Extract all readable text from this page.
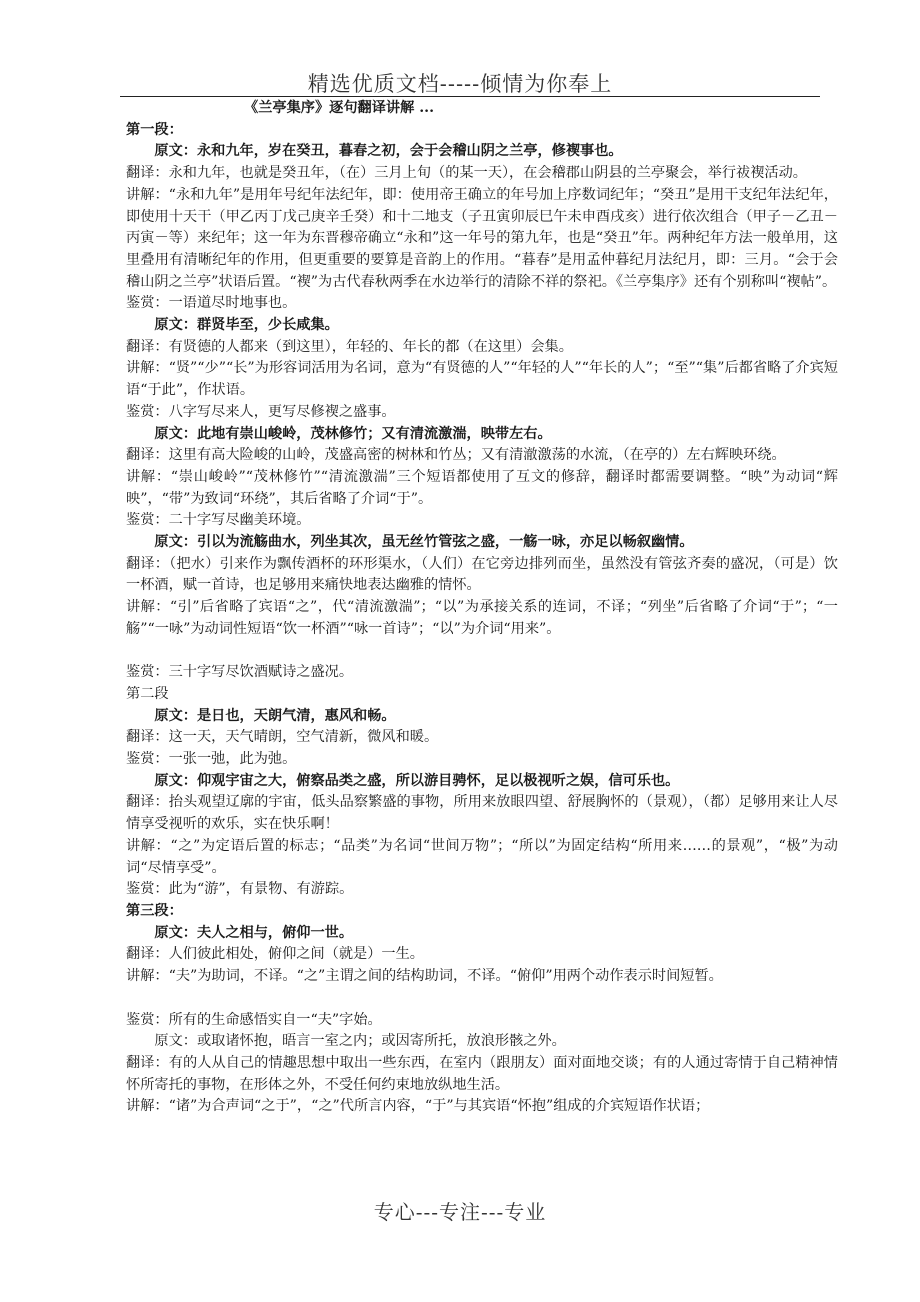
精选优质文档-----倾情为你奉上

《兰亭集序》逐句翻译讲解 ...

第一段：

原文：永和九年，岁在癸丑，暮春之初，会于会稽山阴之兰亭，修褉事也。

翻译：永和九年，也就是癸丑年，（在）三月上旬（的某一天），在会稽郡山阴县的兰亭聚会，举行祓褉活动。

讲解：“永和九年”是用年号纪年法纪年，即：使用帝王确立的年号加上序数词纪年；“癸丑”是用干支纪年法纪年，即使用十天干（甲乙丙丁戊己庚辛壬癸）和十二地支（子丑寅卯辰巳午未申酉戌亥）进行依次组合（甲子－乙丑－丙寅－等）来纪年；这一年为东晋穆帝确立“永和”这一年号的第九年，也是“癸丑”年。两种纪年方法一般单用，这里叠用有清晰纪年的作用，但更重要的要算是音韵上的作用。“暮春”是用孟仲暮纪月法纪月，即：三月。“会于会稽山阴之兰亭”状语后置。“褉”为古代春秋两季在水边举行的清除不祥的祭祀。《兰亭集序》还有个别称叫“褉帖”。

鉴赏：一语道尽时地事也。

原文：群贤毕至，少长咸集。

翻译：有贤德的人都来（到这里），年轻的、年长的都（在这里）会集。

讲解：“贤”“少”“长”为形容词活用为名词，意为“有贤德的人”“年轻的人”“年长的人”；“至”“集”后都省略了介宾短语“于此”，作状语。

鉴赏：八字写尽来人，更写尽修褉之盛事。

原文：此地有崇山峻岭，茂林修竹；又有清流激湍，映带左右。

翻译：这里有高大险峻的山岭，茂盛高密的树林和竹丛；又有清澈激荡的水流，（在亭的）左右辉映环绕。

讲解：“崇山峻岭”“茂林修竹”“清流激湍”三个短语都使用了互文的修辞，翻译时都需要调整。“映”为动词“辉映”，“带”为致词“环绕”，其后省略了介词“于”。

鉴赏：二十字写尽幽美环境。

原文：引以为流觞曲水，列坐其次，虽无丝竹管弦之盛，一觞一咏，亦足以畅叙幽情。

翻译：（把水）引来作为飘传酒杯的环形渠水，（人们）在它旁边排列而坐，虽然没有管弦齐奏的盛况，（可是）饮一杯酒，赋一首诗，也足够用来痛快地表达幽雅的情怀。

讲解：“引”后省略了宾语“之”，代“清流激湍”；“以”为承接关系的连词，不译；“列坐”后省略了介词“于”；“一觞”“一咏”为动词性短语“饮一杯酒”“咏一首诗”；“以”为介词“用来”。

鉴赏：三十字写尽饮酒赋诗之盛况。

第二段

原文：是日也，天朗气清，惠风和畅。

翻译：这一天，天气晴朗，空气清新，微风和暖。

鉴赏：一张一弛，此为弛。

原文：仰观宇宙之大，俯察品类之盛，所以游目骋怀，足以极视听之娱，信可乐也。

翻译：抬头观望辽廓的宇宙，低头品察繁盛的事物，所用来放眼四望、舒展胸怀的（景观），（都）足够用来让人尽情享受视听的欢乐，实在快乐啊！

讲解：“之”为定语后置的标志；“品类”为名词“世间万物”；“所以”为固定结构“所用来……的景观”，“极”为动词“尽情享受”。

鉴赏：此为“游”，有景物、有游踪。

第三段：

原文：夫人之相与，俯仰一世。

翻译：人们彼此相处，俯仰之间（就是）一生。

讲解：“夫”为助词，不译。“之”主谓之间的结构助词，不译。“俯仰”用两个动作表示时间短暂。

鉴赏：所有的生命感悟实自一“夫”字始。

原文：或取诸怀抱，晤言一室之内；或因寄所托，放浪形骸之外。

翻译：有的人从自己的情趣思想中取出一些东西，在室内（跟朋友）面对面地交谈；有的人通过寄情于自己精神情怀所寄托的事物，在形体之外，不受任何约束地放纵地生活。

讲解：“诸”为合声词“之于”，“之”代所言内容，“于”与其宾语“怀抱”组成的介宾短语作状语；

专心---专注---专业
